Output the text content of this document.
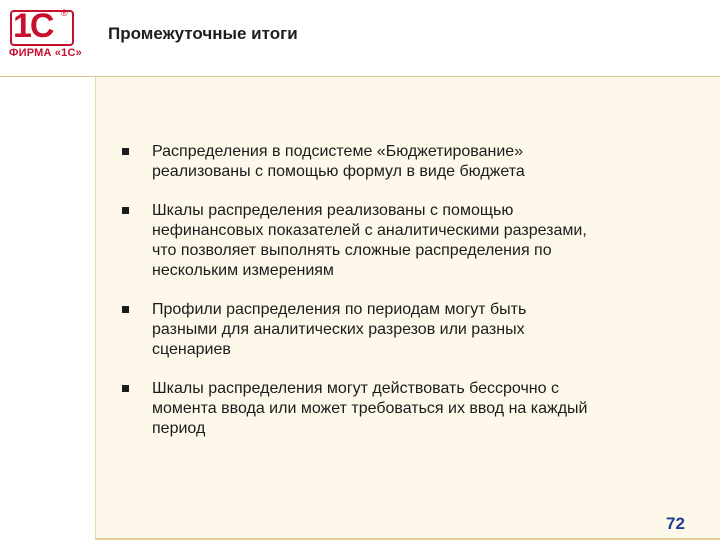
Промежуточные итоги
1С ®
ФИРМА «1С»
Распределения в подсистеме «Бюджетирование» реализованы с помощью формул в виде бюджета
Шкалы распределения реализованы с помощью нефинансовых показателей с аналитическими разрезами, что позволяет выполнять сложные распределения по нескольким измерениям
Профили распределения по периодам могут быть разными для аналитических разрезов или разных сценариев
Шкалы распределения могут действовать бессрочно с момента ввода или может требоваться их ввод на каждый период
72
